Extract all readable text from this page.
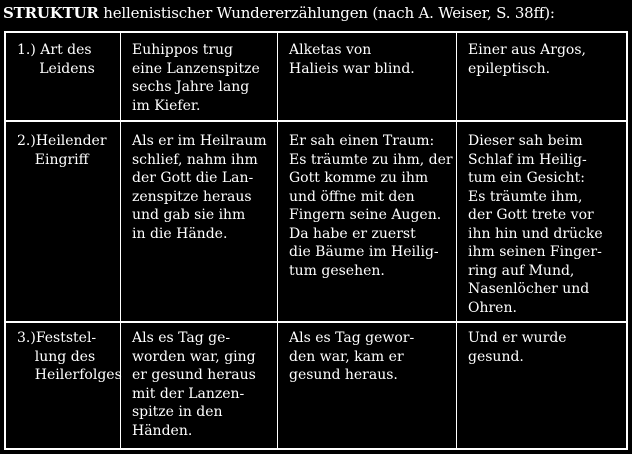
STRUKTUR hellenistischer Wundererzählungen (nach A. Weiser, S. 38ff):
1.) Art des
Leidens
Euhippos trug
eine Lanzenspitze
sechs Jahre lang
im Kiefer.
Alketas von
Halieis war blind.
Einer aus Argos,
epileptisch.
2.)Heilender
Eingriff
Als er im Heilraum
schlief, nahm ihm
der Gott die Lan-
zenspitze heraus
und gab sie ihm
in die Hände.
Er sah einen Traum:
Es träumte zu ihm, der
Gott komme zu ihm
und öffne mit den
Fingern seine Augen.
Da habe er zuerst
die Bäume im Heilig-
tum gesehen.
Dieser sah beim
Schlaf im Heilig-
tum ein Gesicht:
Es träumte ihm,
der Gott trete vor
ihn hin und drücke
ihm seinen Finger-
ring auf Mund,
Nasenlöcher und
Ohren.
3.)Feststel-
lung des
Heilerfolges
Als es Tag ge-
worden war, ging
er gesund heraus
mit der Lanzen-
spitze in den
Händen.
Als es Tag gewor-
den war, kam er
gesund heraus.
Und er wurde
gesund.
